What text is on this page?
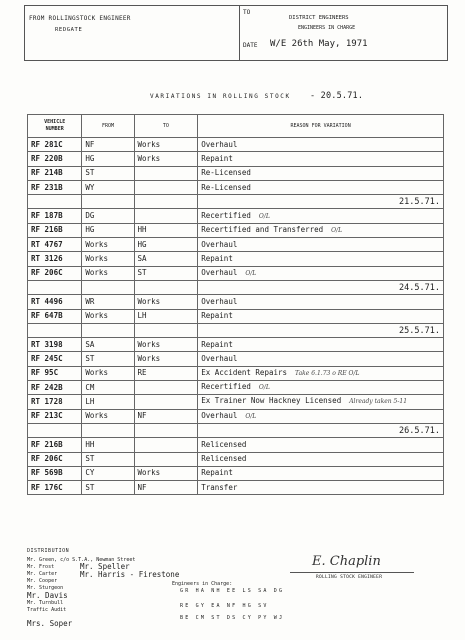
FROM ROLLINGSTOCK ENGINEER
REDGATE
TO
DISTRICT ENGINEERS
ENGINEERS IN CHARGE
DATE W/E 26th May, 1971
VARIATIONS IN ROLLING STOCK - 20.5.71.
VEHICLE
NUMBER	FROM	TO	REASON FOR VARIATION
RF 281C	NF	Works	Overhaul
RF 220B	HG	Works	Repaint
RF 214B	ST		Re-Licensed
RF 231B	WY		Re-Licensed
			21.5.71.
RF 187B	DG		Recertified O/L
RF 216B	HG	HH	Recertified and Transferred O/L
RT 4767	Works	HG	Overhaul
RT 3126	Works	SA	Repaint
RF 206C	Works	ST	Overhaul O/L
			24.5.71.
RT 4496	WR	Works	Overhaul
RF 647B	Works	LH	Repaint
			25.5.71.
RT 3198	SA	Works	Repaint
RF 245C	ST	Works	Overhaul
RF 95C	Works	RE	Ex Accident Repairs Take 6.1.73 o RE O/L
RF 242B	CM		Recertified O/L
RT 1728	LH		Ex Trainer Now Hackney Licensed Already taken 5-11
RF 213C	Works	NF	Overhaul O/L
			26.5.71.
RF 216B	HH		Relicensed
RF 206C	ST		Relicensed
RF 569B	CY	Works	Repaint
RF 176C	ST	NF	Transfer
DISTRIBUTION
Mr. Green, c/o S.T.A., Newman Street
Mr. Frost	Mr. Speller
Mr. Carter	Mr. Harris - Firestone
Mr. Cooper	Engineers in Charge:
Mr. Sturgeon	GR HA NH EE LS SA DG
Mr. Davis
Mr. Turnbull	RE GY EA NF HG SV
Traffic Audit
BE CM ST DS CY PY WJ
Mrs. Soper
E. Chaplin
ROLLING STOCK ENGINEER
